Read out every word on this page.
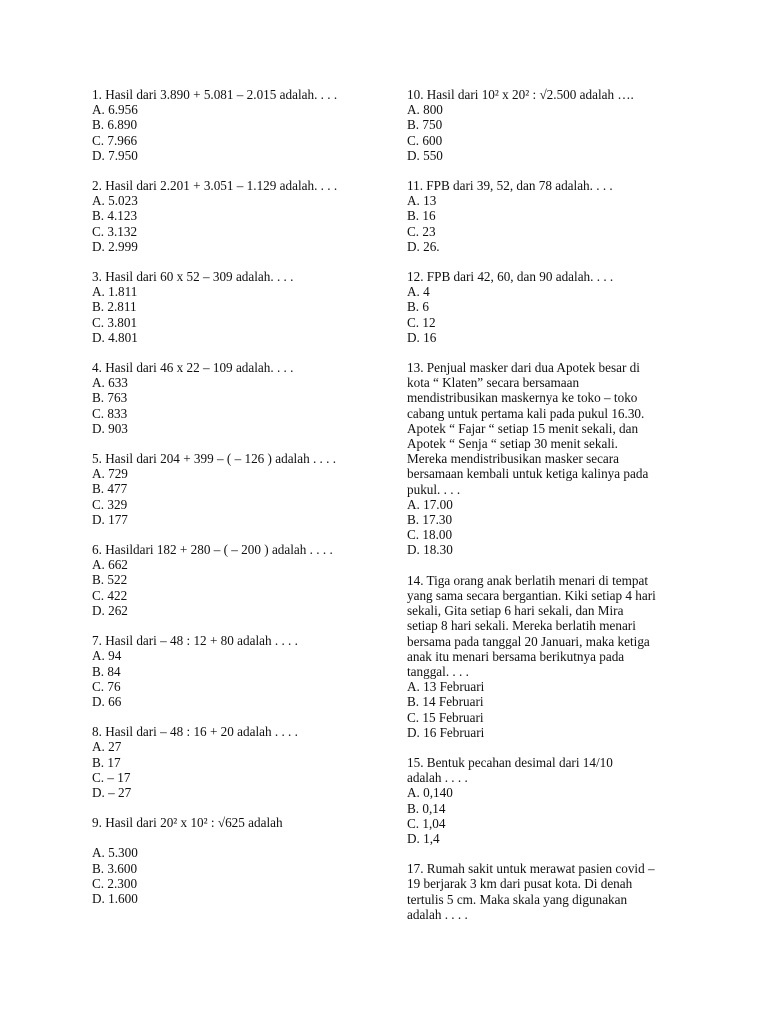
1. Hasil dari 3.890 + 5.081 – 2.015 adalah. . . .

A. 6.956
B. 6.890
C. 7.966
D. 7.950

2. Hasil dari 2.201 + 3.051 – 1.129 adalah. . . .

A. 5.023
B. 4.123
C. 3.132
D. 2.999

3. Hasil dari 60 x 52 – 309 adalah. . . .

A. 1.811
B. 2.811
C. 3.801
D. 4.801

4. Hasil dari 46 x 22 – 109 adalah. . . .

A. 633
B. 763
C. 833
D. 903

5. Hasil dari 204 + 399 – ( – 126 ) adalah . . . .

A. 729
B. 477
C. 329
D. 177

6. Hasildari 182 + 280 – ( – 200 ) adalah . . . .

A. 662
B. 522
C. 422
D. 262

7. Hasil dari – 48 : 12 + 80 adalah . . . .

A. 94
B. 84
C. 76
D. 66

8. Hasil dari – 48 : 16 + 20 adalah . . . .

A. 27
B. 17
C. – 17
D. – 27

9. Hasil dari 20² x 10² : √625 adalah

A. 5.300
B. 3.600
C. 2.300
D. 1.600

10. Hasil dari 10² x 20² : √2.500 adalah ….

A. 800
B. 750
C. 600
D. 550

11. FPB dari 39, 52, dan 78 adalah. . . .

A. 13
B. 16
C. 23
D. 26.

12. FPB dari 42, 60, dan 90 adalah. . . .

A. 4
B. 6
C. 12
D. 16

13. Penjual masker dari dua Apotek besar di
kota “ Klaten” secara bersamaan
mendistribusikan maskernya ke toko – toko
cabang untuk pertama kali pada pukul 16.30.
Apotek “ Fajar “ setiap 15 menit sekali, dan
Apotek “ Senja “ setiap 30 menit sekali.
Mereka mendistribusikan masker secara
bersamaan kembali untuk ketiga kalinya pada
pukul. . . .

A. 17.00
B. 17.30
C. 18.00
D. 18.30

14. Tiga orang anak berlatih menari di tempat
yang sama secara bergantian. Kiki setiap 4 hari
sekali, Gita setiap 6 hari sekali, dan Mira
setiap 8 hari sekali. Mereka berlatih menari
bersama pada tanggal 20 Januari, maka ketiga
anak itu menari bersama berikutnya pada
tanggal. . . .

A. 13 Februari
B. 14 Februari
C. 15 Februari
D. 16 Februari

15. Bentuk pecahan desimal dari 14/10
adalah . . . .

A. 0,140
B. 0,14
C. 1,04
D. 1,4

17. Rumah sakit untuk merawat pasien covid –
19 berjarak 3 km dari pusat kota. Di denah
tertulis 5 cm. Maka skala yang digunakan
adalah . . . .
